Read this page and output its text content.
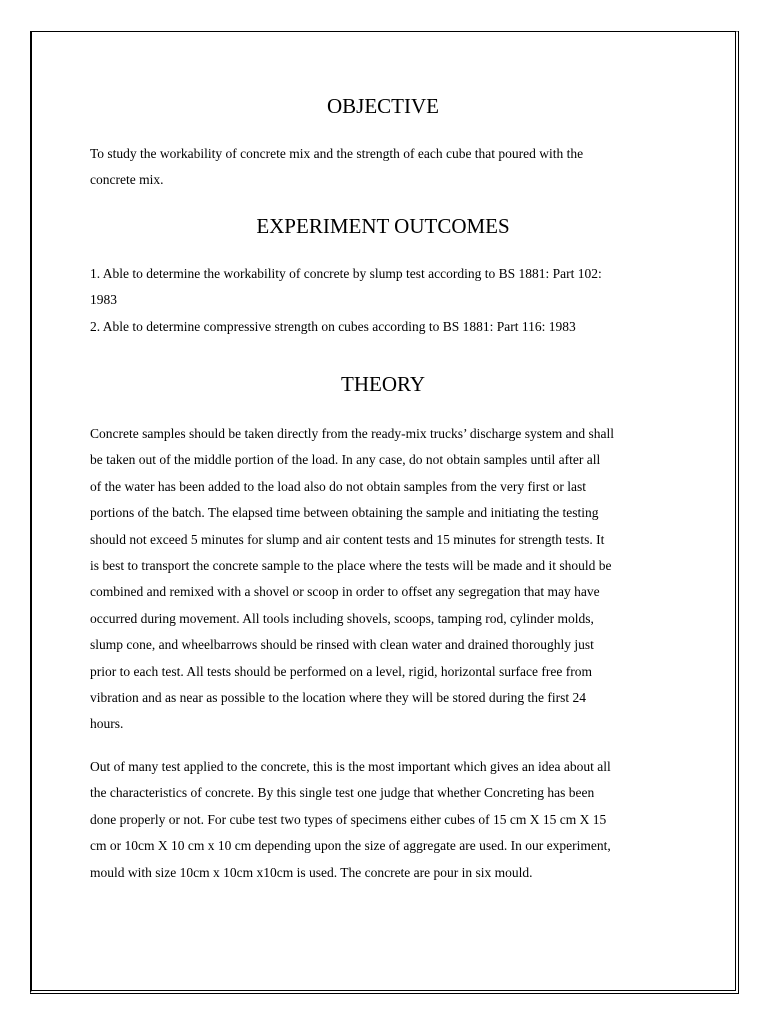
OBJECTIVE
To study the workability of concrete mix and the strength of each cube that poured with the
concrete mix.
EXPERIMENT OUTCOMES
1. Able to determine the workability of concrete by slump test according to BS 1881: Part 102:
1983
2. Able to determine compressive strength on cubes according to BS 1881: Part 116: 1983
THEORY
Concrete samples should be taken directly from the ready-mix trucks’ discharge system and shall
be taken out of the middle portion of the load. In any case, do not obtain samples until after all
of the water has been added to the load also do not obtain samples from the very first or last
portions of the batch. The elapsed time between obtaining the sample and initiating the testing
should not exceed 5 minutes for slump and air content tests and 15 minutes for strength tests. It
is best to transport the concrete sample to the place where the tests will be made and it should be
combined and remixed with a shovel or scoop in order to offset any segregation that may have
occurred during movement. All tools including shovels, scoops, tamping rod, cylinder molds,
slump cone, and wheelbarrows should be rinsed with clean water and drained thoroughly just
prior to each test. All tests should be performed on a level, rigid, horizontal surface free from
vibration and as near as possible to the location where they will be stored during the first 24
hours.
Out of many test applied to the concrete, this is the most important which gives an idea about all
the characteristics of concrete. By this single test one judge that whether Concreting has been
done properly or not. For cube test two types of specimens either cubes of 15 cm X 15 cm X 15
cm or 10cm X 10 cm x 10 cm depending upon the size of aggregate are used. In our experiment,
mould with size 10cm x 10cm x10cm is used. The concrete are pour in six mould.
